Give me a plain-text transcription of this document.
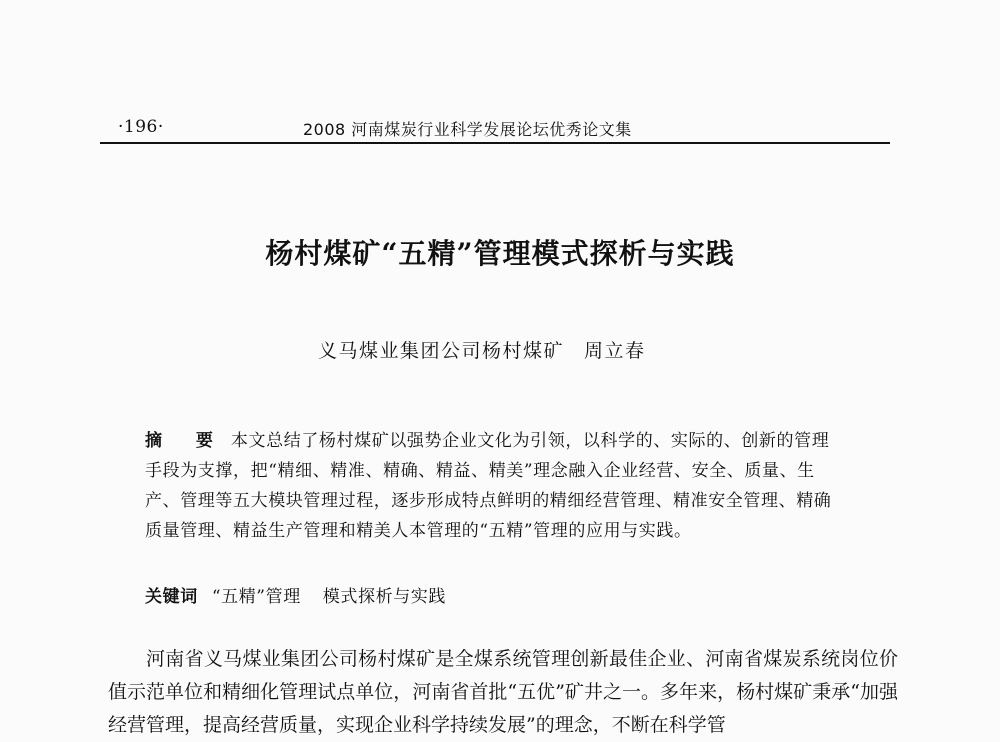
·196·	2008 河南煤炭行业科学发展论坛优秀论文集
杨村煤矿“五精”管理模式探析与实践
义马煤业集团公司杨村煤矿 周立春
摘 要 本文总结了杨村煤矿以强势企业文化为引领，以科学的、实际的、创新的管理手段为支撑，把“精细、精准、精确、精益、精美”理念融入企业经营、安全、质量、生产、管理等五大模块管理过程，逐步形成特点鲜明的精细经营管理、精准安全管理、精确质量管理、精益生产管理和精美人本管理的“五精”管理的应用与实践。
关键词 “五精”管理 模式探析与实践
河南省义马煤业集团公司杨村煤矿是全煤系统管理创新最佳企业、河南省煤炭系统岗位价值示范单位和精细化管理试点单位，河南省首批“五优”矿井之一。多年来，杨村煤矿秉承“加强经营管理，提高经营质量，实现企业科学持续发展”的理念，不断在科学管
